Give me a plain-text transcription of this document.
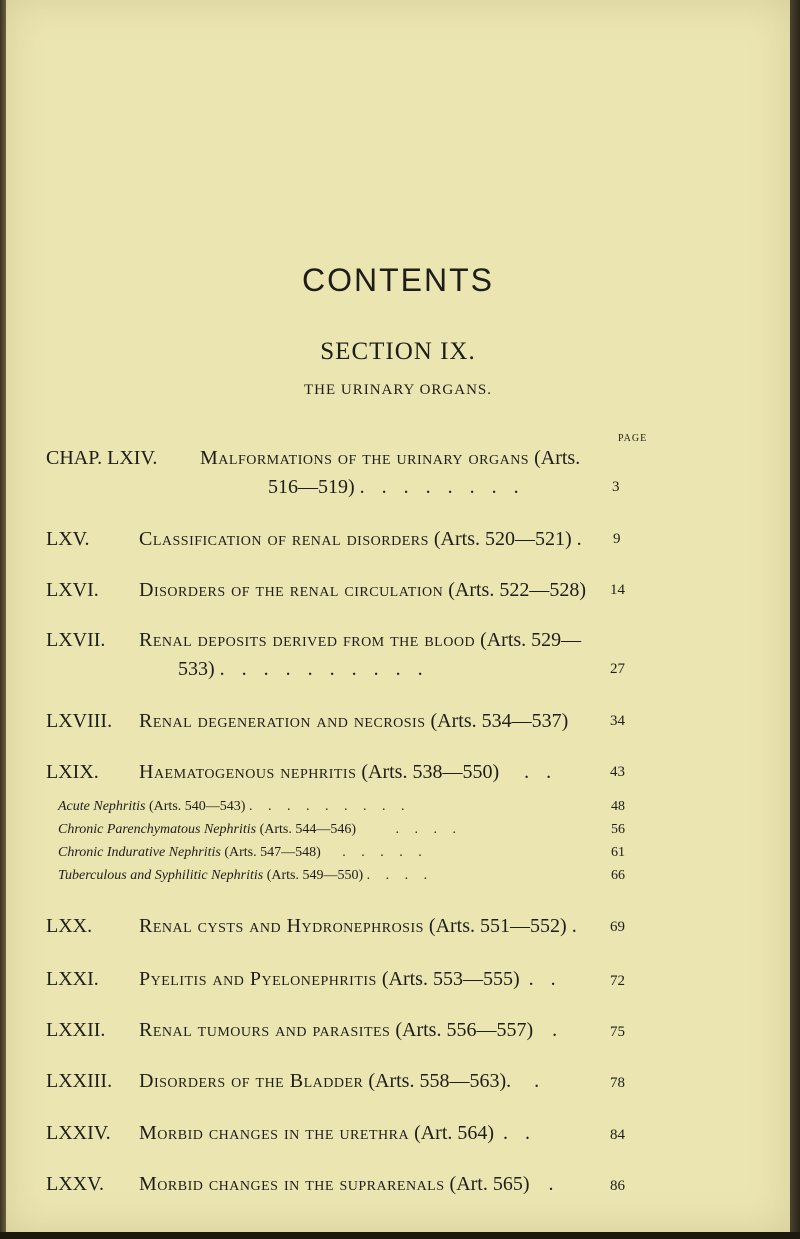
CONTENTS
SECTION IX.
THE URINARY ORGANS.
PAGE
CHAP. LXIV. Malformations of the urinary organs (Arts.
516—519) . . . . . . . .	3
LXV. Classification of renal disorders (Arts. 520—521) . 9
LXVI. Disorders of the renal circulation (Arts. 522—528) 14
LXVII. Renal deposits derived from the blood (Arts. 529—
533) . . . . . . . . . .	27
LXVIII. Renal degeneration and necrosis (Arts. 534—537)	34
LXIX. Haematogenous nephritis (Arts. 538—550) . .	43
Acute Nephritis (Arts. 540—543) . . . . . . . . .	48
Chronic Parenchymatous Nephritis (Arts. 544—546)	. . . .	56
Chronic Indurative Nephritis (Arts. 547—548) . . . . .	61
Tuberculous and Syphilitic Nephritis (Arts. 549—550) . . . .	66
LXX. Renal cysts and Hydronephrosis (Arts. 551—552) . 69
LXXI. Pyelitis and Pyelonephritis (Arts. 553—555) . .	72
LXXII. Renal tumours and parasites (Arts. 556—557) .	75
LXXIII. Disorders of the Bladder (Arts. 558—563). .	78
LXXIV. Morbid changes in the urethra (Art. 564) . .	84
LXXV. Morbid changes in the suprarenals (Art. 565) .	86
